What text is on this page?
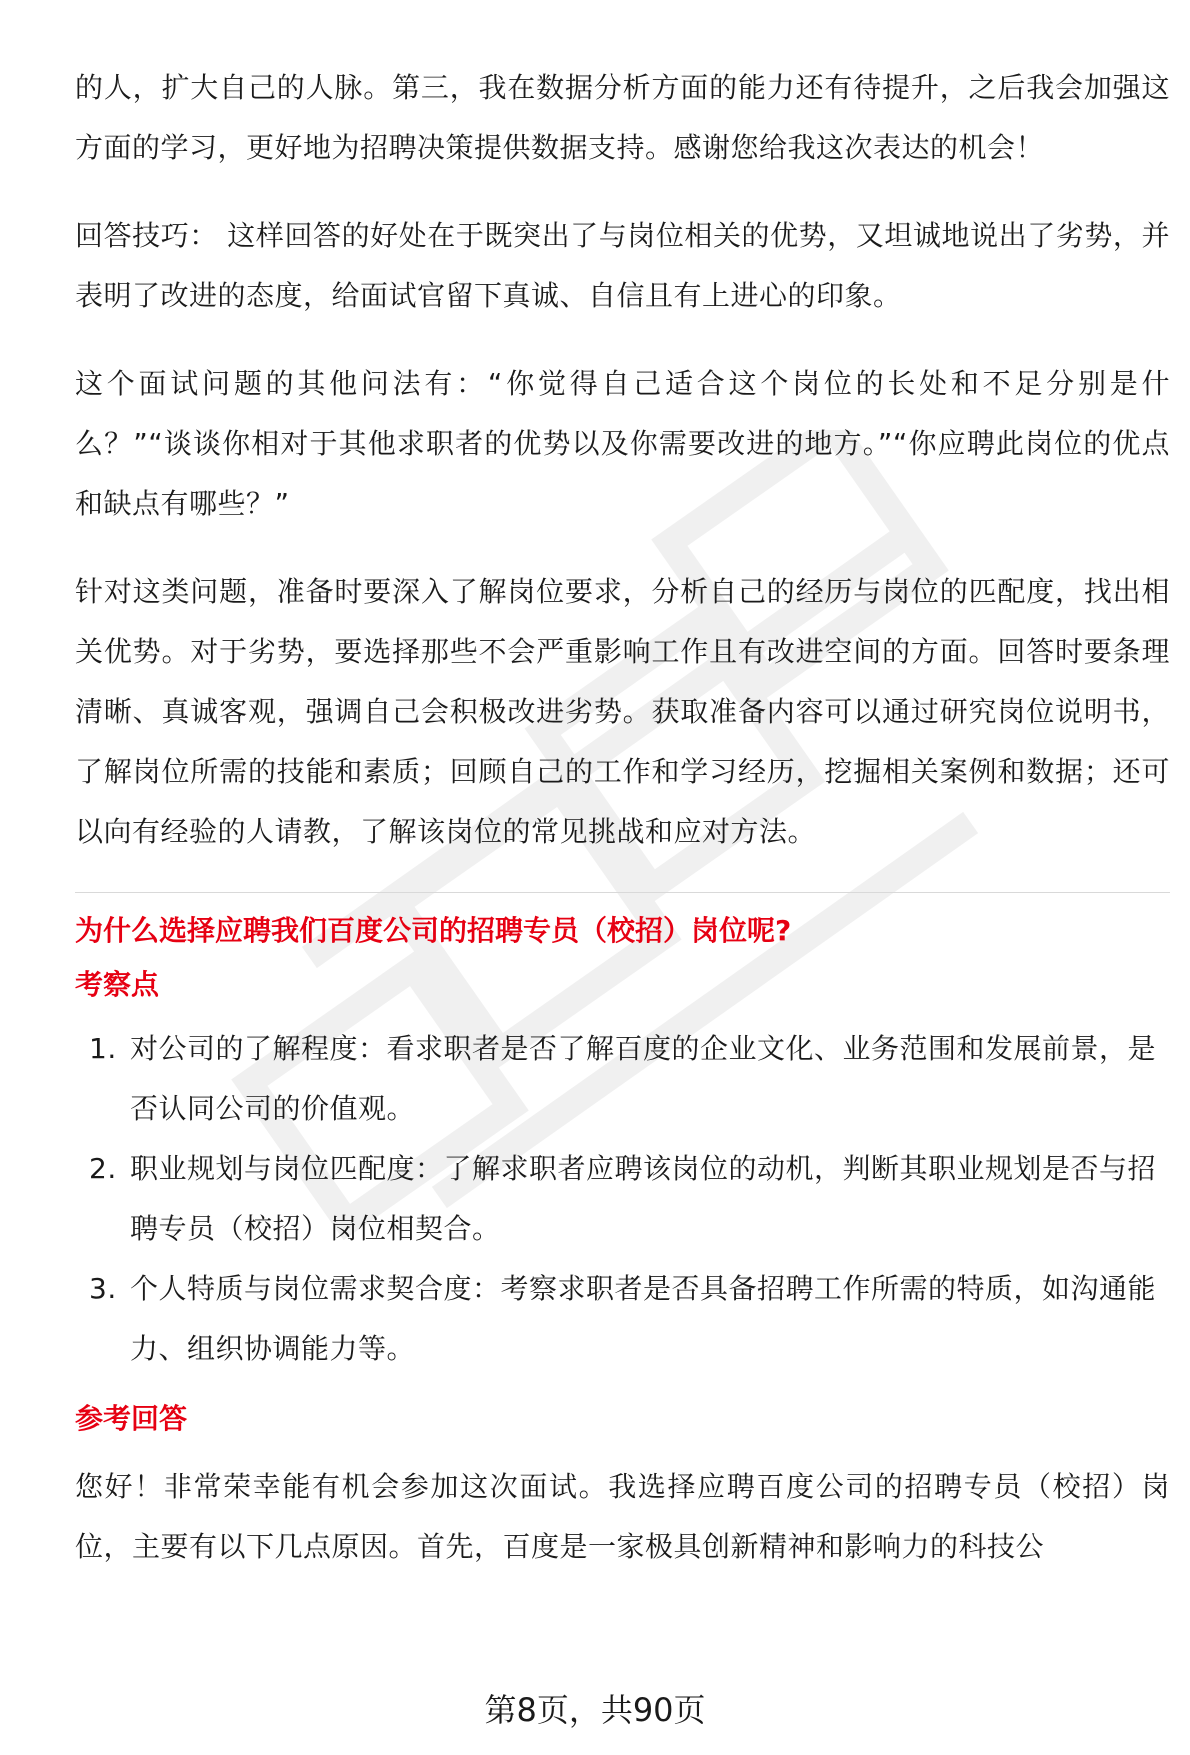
的人，扩大自己的人脉。第三，我在数据分析方面的能力还有待提升，之后我会加强这方面的学习，更好地为招聘决策提供数据支持。感谢您给我这次表达的机会！

回答技巧： 这样回答的好处在于既突出了与岗位相关的优势，又坦诚地说出了劣势，并表明了改进的态度，给面试官留下真诚、自信且有上进心的印象。

这个面试问题的其他问法有：“你觉得自己适合这个岗位的长处和不足分别是什么？”“谈谈你相对于其他求职者的优势以及你需要改进的地方。”“你应聘此岗位的优点和缺点有哪些？”

针对这类问题，准备时要深入了解岗位要求，分析自己的经历与岗位的匹配度，找出相关优势。对于劣势，要选择那些不会严重影响工作且有改进空间的方面。回答时要条理清晰、真诚客观，强调自己会积极改进劣势。获取准备内容可以通过研究岗位说明书，了解岗位所需的技能和素质；回顾自己的工作和学习经历，挖掘相关案例和数据；还可以向有经验的人请教，了解该岗位的常见挑战和应对方法。

为什么选择应聘我们百度公司的招聘专员（校招）岗位呢?
考察点
1. 对公司的了解程度：看求职者是否了解百度的企业文化、业务范围和发展前景，是否认同公司的价值观。
2. 职业规划与岗位匹配度：了解求职者应聘该岗位的动机，判断其职业规划是否与招聘专员（校招）岗位相契合。
3. 个人特质与岗位需求契合度：考察求职者是否具备招聘工作所需的特质，如沟通能力、组织协调能力等。
参考回答

您好！非常荣幸能有机会参加这次面试。我选择应聘百度公司的招聘专员（校招）岗位，主要有以下几点原因。首先，百度是一家极具创新精神和影响力的科技公

第8页，共90页
